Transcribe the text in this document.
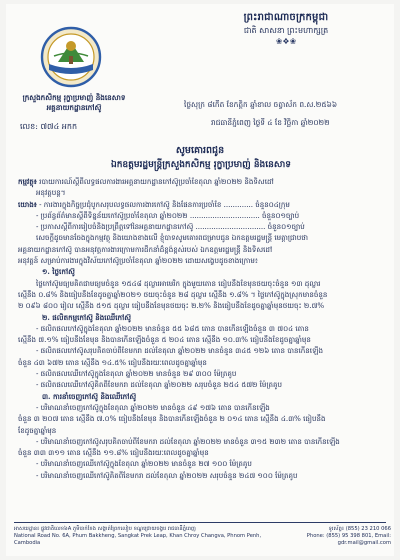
ព្រះរាជាណាចក្រកម្ពុជា
ជាតិ សាសនា ព្រះមហាក្សត្រ
❀❖❀
ក្រសួងកសិកម្ម រុក្ខាប្រមាញ់ និងនេសាទ
អគ្គនាយកដ្ឋានកៅស៊ូ
លេខ: ៧៧៤ អកក
ថ្ងៃសុក្រ ៨កើត ខែកត្តិក ឆ្នាំខាល ចត្វាស័ក ព.ស.២៥៦៦
រាជធានីភ្នំពេញ ថ្ងៃទី ៤ ខែ វិច្ឆិកា ឆ្នាំ២០២២
សូមគោរពជូន
ឯកឧត្តមរដ្ឋមន្ត្រីក្រសួងកសិកម្ម រុក្ខាប្រមាញ់ និងនេសាទ

កម្មវត្ថុ៖ របាយការណ៍ស្តីពីលទ្ធផលការងារអគ្គនាយកដ្ឋានកៅស៊ូប្រចាំខែតុលា ឆ្នាំ២០២២ និងទិសដៅ

អនុវត្តបន្ត។

យោង៖ - ការងារក្នុងកិច្ចប្រជុំបូកសរុបលទ្ធផលការងារកៅស៊ូ និងផែនការប្រចាំខែ ............. ចំនួន០៤ក្រុម

- ប្រព័ន្ធព័ត៌មានស្តីពីទិន្នន័យកៅស៊ូប្រចាំខែតុលា ឆ្នាំ២០២២ ............................... ចំនួន០១ច្បាប់

- ប្រកាសស្តីពីការរៀបចំនិងប្រព្រឹត្តទៅនៃអគ្គនាយកដ្ឋានកៅស៊ូ ............................... ចំនួន០១ច្បាប់

សេចក្តីដូចមានចែងក្នុងកម្មវត្ថុ និងយោងខាងលើ ខ្ញុំបាទសូមគោរពជម្រាបជូន ឯកឧត្តមរដ្ឋមន្ត្រី មេត្តាជ្រាបថា

អគ្គនាយកដ្ឋានកៅស៊ូ បានអនុវត្តការងារក្រោមការដឹកនាំដ៏ខ្ពង់ខ្ពស់របស់ ឯកឧត្តមរដ្ឋមន្ត្រី និងទិសដៅ

អនុវត្តន៍ សម្រាប់ការងារក្នុងវិស័យកៅស៊ូប្រចាំខែតុលា ឆ្នាំ២០២២ ដោយសង្ខេបដូចខាងក្រោម៖

១. ថ្លៃកៅស៊ូ

ថ្លៃកៅស៊ូមធ្យមគិតជាមធ្យមចំនួន ១៥៤៨ ដុល្លារអាមេរិក ក្នុងមួយតោន ធៀបនឹងខែមុនថយចុះចំនួន ១៣ ដុល្លារ

ស្មើនឹង ០.៨% និងធៀបនឹងខែដូចគ្នាឆ្នាំ២០២១ ថយចុះចំនួន ២៨ ដុល្លារ ស្មើនឹង ១.៨% ។ ថ្លៃកៅស៊ូក្នុងស្រុកមានចំនួន

២ ០៩៦ ៨០០ រៀល ស្មើនឹង ៥១៥ ដុល្លារ ធៀបនឹងខែមុនថយចុះ ២.២% និងធៀបនឹងខែដូចគ្នាឆ្នាំមុនថយចុះ ២.៧%

២. ផលិតកម្មកៅស៊ូ និងឈើកៅស៊ូ

- ផលិតផលកៅស៊ូក្នុងខែតុលា ឆ្នាំ២០២២ មានចំនួន ៥៥ ៦៨៥ តោន បានកើនឡើងចំនួន ៣ ៧០៤ តោន

ស្មើនឹង ៧.១% ធៀបនឹងខែមុន និងបានកើនឡើងចំនួន ៥ ២០៤ តោន ស្មើនឹង ១០.៣% ធៀបនឹងខែដូចគ្នាឆ្នាំមុន

- ផលិតផលកៅស៊ូសរុបគិតចាប់ពីខែមករា ដល់ខែតុលា ឆ្នាំ២០២២ មានចំនួន ៣៤៥ ១២៦ តោន បានកើនឡើង

ចំនួន ៤៣ ៦៧២ តោន ស្មើនឹង ១៤.៥% ធៀបនឹងរយៈពេលដូចគ្នាឆ្នាំមុន

- ផលិតផលឈើកៅស៊ូក្នុងខែតុលា ឆ្នាំ២០២២ មានចំនួន ២៩ ៣០០ ម៉ែត្រគូប

- ផលិតផលឈើកៅស៊ូគិតពីខែមករា ដល់ខែតុលា ឆ្នាំ២០២២ សរុបចំនួន ២៥៤ ៥៧២ ម៉ែត្រគូប

៣. ការនាំចេញកៅស៊ូ និងឈើកៅស៊ូ

- បរិមាណនាំចេញកៅស៊ូក្នុងខែតុលា ឆ្នាំ២០២២ មានចំនួន ៤៩ ១៧៦ តោន បានកើនឡើង

ចំនួន ៣ ២០៧ តោន ស្មើនឹង ៧.០% ធៀបនឹងខែមុន និងបានកើនឡើងចំនួន ២ ០១៤ តោន ស្មើនឹង ៤.៣% ធៀបនឹង

ខែដូចគ្នាឆ្នាំមុន

- បរិមាណនាំចេញកៅស៊ូសរុបគិតចាប់ពីខែមករា ដល់ខែតុលា ឆ្នាំ២០២២ មានចំនួន ៣១៥ ២៣២ តោន បានកើនឡើង

ចំនួន ៣៣ ៣១១ តោន ស្មើនឹង ១១.៨% ធៀបនឹងរយៈពេលដូចគ្នាឆ្នាំមុន

- បរិមាណនាំចេញឈើកៅស៊ូក្នុងខែតុលា ឆ្នាំ២០២២ មានចំនួន ២៧ ១០០ ម៉ែត្រគូប

- បរិមាណនាំចេញឈើកៅស៊ូគិតពីខែមករា ដល់ខែតុលា ឆ្នាំ២០២២ សរុបចំនួន ២៤៧ ១០០ ម៉ែត្រគូប

អាសយដ្ឋាន៖ ផ្លូវជាតិលេខ៦A ភូមិបាក់ខែង សង្កាត់ព្រែកលៀប ខណ្ឌជ្រោយចង្វារ រាជធានីភ្នំពេញ
National Road No. 6A, Phum Bakkheng, Sangkat Prek Leap, Khan Chroy Changva, Phnom Penh, Cambodia
ទូរស័ព្ទ៖ (855) 23 210 066
Phone: (855) 95 398 801, Email: gdr.mail@gmail.com
